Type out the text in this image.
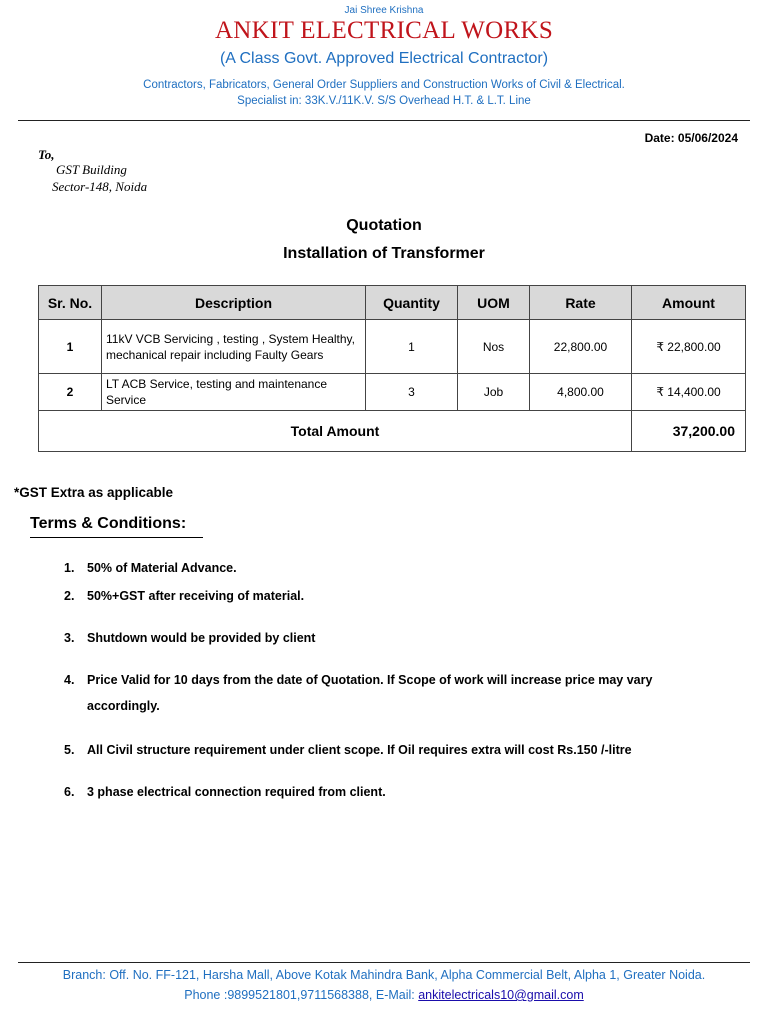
Jai Shree Krishna
ANKIT ELECTRICAL WORKS
(A Class Govt. Approved Electrical Contractor)
Contractors, Fabricators, General Order Suppliers and Construction Works of Civil & Electrical.
Specialist in: 33K.V./11K.V. S/S Overhead H.T. & L.T. Line
Date: 05/06/2024
To,
GST Building
Sector-148, Noida
Quotation
Installation of Transformer
Sr. No.	Description	Quantity	UOM	Rate	Amount
1	11kV VCB Servicing , testing , System Healthy, mechanical repair including Faulty Gears	1	Nos	22,800.00	₹ 22,800.00
2	LT ACB Service, testing and maintenance Service	3	Job	4,800.00	₹ 14,400.00
Total Amount					37,200.00
*GST Extra as applicable
Terms & Conditions:
1. 50% of Material Advance.
2. 50%+GST after receiving of material.
3. Shutdown would be provided by client
4. Price Valid for 10 days from the date of Quotation. If Scope of work will increase price may vary
accordingly.
5. All Civil structure requirement under client scope. If Oil requires extra will cost Rs.150 /-litre
6. 3 phase electrical connection required from client.
Branch: Off. No. FF-121, Harsha Mall, Above Kotak Mahindra Bank, Alpha Commercial Belt, Alpha 1, Greater Noida.
Phone :9899521801,9711568388, E-Mail: ankitelectricals10@gmail.com
